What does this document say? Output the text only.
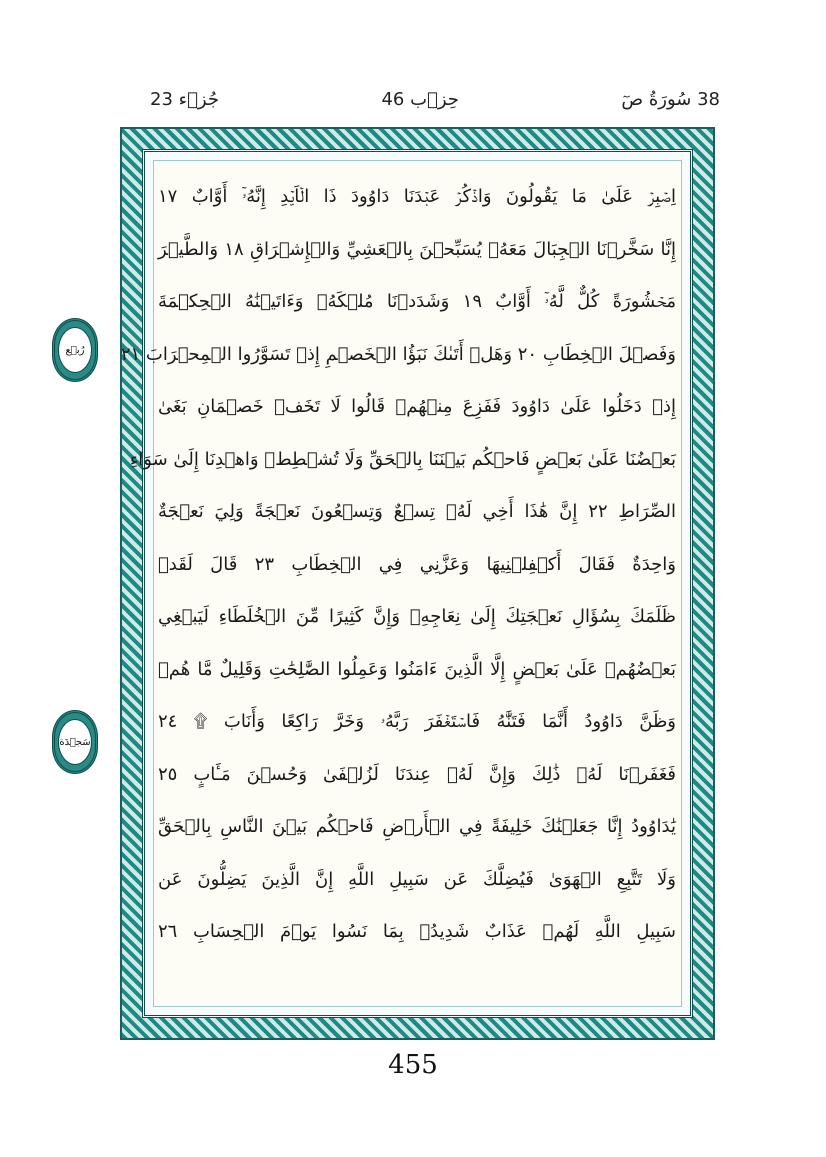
38 سُورَةُ صٓ
حِزۡب 46
جُزۡء 23
اِصۡبِرۡ عَلَىٰ مَا يَقُولُونَ وَاذۡكُرۡ عَبۡدَنَا دَاوُودَ ذَا الۡاَيۡدِ إِنَّهُۥٓ أَوَّابٌ ١٧
إِنَّا سَخَّرۡنَا الۡجِبَالَ مَعَهُۥ يُسَبِّحۡنَ بِالۡعَشِيِّ وَالۡإِشۡرَاقِ ١٨ وَالطَّيۡرَ
مَحۡشُورَةً كُلٌّ لَّهُۥٓ أَوَّابٌ ١٩ وَشَدَدۡنَا مُلۡكَهُۥ وَءَاتَيۡنَٰهُ الۡحِكۡمَةَ
وَفَصۡلَ الۡخِطَابِ ٢٠ وَهَلۡ أَتَىٰكَ نَبَؤُا الۡخَصۡمِ إِذۡ تَسَوَّرُوا الۡمِحۡرَابَ ٢١
إِذۡ دَخَلُوا عَلَىٰ دَاوُودَ فَفَزِعَ مِنۡهُمۡ قَالُوا لَا تَخَفۡ خَصۡمَانِ بَغَىٰ
بَعۡضُنَا عَلَىٰ بَعۡضٍ فَاحۡكُم بَيۡنَنَا بِالۡحَقِّ وَلَا تُشۡطِطۡ وَاهۡدِنَا إِلَىٰ سَوَاءِ
الصِّرَاطِ ٢٢ إِنَّ هَٰذَا أَخِي لَهُۥ تِسۡعٌ وَتِسۡعُونَ نَعۡجَةً وَلِيَ نَعۡجَةٌ
وَاحِدَةٌ فَقَالَ أَكۡفِلۡنِيهَا وَعَزَّنِي فِي الۡخِطَابِ ٢٣ قَالَ لَقَدۡ
ظَلَمَكَ بِسُؤَالِ نَعۡجَتِكَ إِلَىٰ نِعَاجِهِۦ وَإِنَّ كَثِيرًا مِّنَ الۡخُلَطَاءِ لَيَبۡغِي
بَعۡضُهُمۡ عَلَىٰ بَعۡضٍ إِلَّا الَّذِينَ ءَامَنُوا وَعَمِلُوا الصَّٰلِحَٰتِ وَقَلِيلٌ مَّا هُمۡ
وَظَنَّ دَاوُودُ أَنَّمَا فَتَنَّٰهُ فَاسۡتَغۡفَرَ رَبَّهُۥ وَخَرَّ رَاكِعًا وَأَنَابَ ۩ ٢٤
فَغَفَرۡنَا لَهُۥ ذَٰلِكَ وَإِنَّ لَهُۥ عِندَنَا لَزُلۡفَىٰ وَحُسۡنَ مَـَٔابٍ ٢٥
يَٰدَاوُودُ إِنَّا جَعَلۡنَٰكَ خَلِيفَةً فِي الۡأَرۡضِ فَاحۡكُم بَيۡنَ النَّاسِ بِالۡحَقِّ
وَلَا تَتَّبِعِ الۡهَوَىٰ فَيُضِلَّكَ عَن سَبِيلِ اللَّهِ إِنَّ الَّذِينَ يَضِلُّونَ عَن
سَبِيلِ اللَّهِ لَهُمۡ عَذَابٌ شَدِيدُۢ بِمَا نَسُوا يَوۡمَ الۡحِسَابِ ٢٦
رُبۡع
سَجۡدَة
455
